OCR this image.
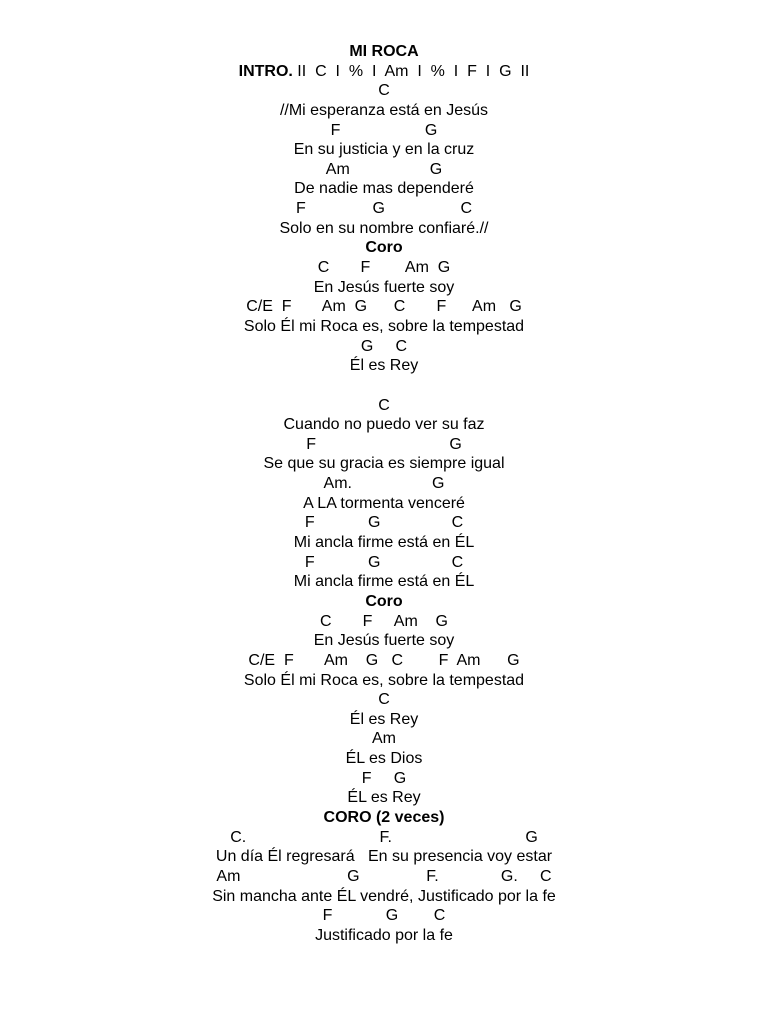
MI ROCA
INTRO. II  C  I  %  I  Am  I  %  I  F  I  G  II
C
//Mi esperanza está en Jesús
F                   G
En su justicia y en la cruz
Am                  G
De nadie mas dependeré
F               G                 C
Solo en su nombre confiaré.//
Coro
C       F        Am  G
En Jesús fuerte soy
C/E  F       Am  G      C       F      Am   G
Solo Él mi Roca es, sobre la tempestad
G     C
Él es Rey
C
Cuando no puedo ver su faz
F                              G
Se que su gracia es siempre igual
Am.                  G
A LA tormenta venceré
F            G                C
Mi ancla firme está en ÉL
F            G                C
Mi ancla firme está en ÉL
Coro
C       F     Am    G
En Jesús fuerte soy
C/E  F       Am    G   C        F  Am      G
Solo Él mi Roca es, sobre la tempestad
C
Él es Rey
Am
ÉL es Dios
F     G
ÉL es Rey
CORO (2 veces)
C.                              F.                              G
Un día Él regresará   En su presencia voy estar
Am                        G               F.              G.     C
Sin mancha ante ÉL vendré, Justificado por la fe
F            G        C
Justificado por la fe
